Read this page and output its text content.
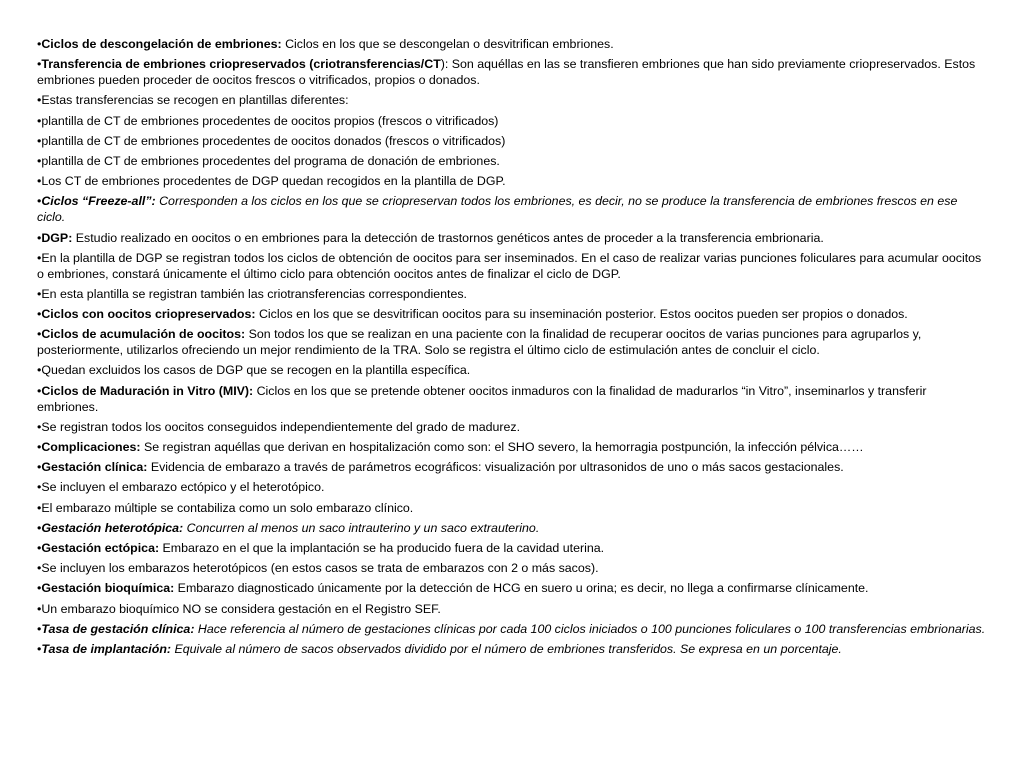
•Ciclos de descongelación de embriones: Ciclos en los que se descongelan o desvitrifican embriones.
•Transferencia de embriones criopreservados (criotransferencias/CT): Son aquéllas en las se transfieren embriones que han sido previamente criopreservados. Estos embriones pueden proceder de oocitos frescos o vitrificados, propios o donados.
•Estas transferencias se recogen en plantillas diferentes:
•plantilla de CT de embriones procedentes de oocitos propios (frescos o vitrificados)
•plantilla de CT de embriones procedentes de oocitos donados (frescos o vitrificados)
•plantilla de CT de embriones procedentes del programa de donación de embriones.
•Los CT de embriones procedentes de DGP quedan recogidos en la plantilla de DGP.
•Ciclos “Freeze-all”: Corresponden a los ciclos en los que se criopreservan todos los embriones, es decir, no se produce la transferencia de embriones frescos en ese ciclo.
•DGP: Estudio realizado en oocitos o en embriones para la detección de trastornos genéticos antes de proceder a la transferencia embrionaria.
•En la plantilla de DGP se registran todos los ciclos de obtención de oocitos para ser inseminados. En el caso de realizar varias punciones foliculares para acumular oocitos o embriones, constará únicamente el último ciclo para obtención oocitos antes de finalizar el ciclo de DGP.
•En esta plantilla se registran también las criotransferencias correspondientes.
•Ciclos con oocitos criopreservados: Ciclos en los que se desvitrifican oocitos para su inseminación posterior. Estos oocitos pueden ser propios o donados.
•Ciclos de acumulación de oocitos: Son todos los que se realizan en una paciente con la finalidad de recuperar oocitos de varias punciones para agruparlos y, posteriormente, utilizarlos ofreciendo un mejor rendimiento de la TRA. Solo se registra el último ciclo de estimulación antes de concluir el ciclo.
•Quedan excluidos los casos de DGP que se recogen en la plantilla específica.
•Ciclos de Maduración in Vitro (MIV): Ciclos en los que se pretende obtener oocitos inmaduros con la finalidad de madurarlos “in Vitro”, inseminarlos y transferir embriones.
•Se registran todos los oocitos conseguidos independientemente del grado de madurez.
•Complicaciones: Se registran aquéllas que derivan en hospitalización como son: el SHO severo, la hemorragia postpunción, la infección pélvica……
•Gestación clínica: Evidencia de embarazo a través de parámetros ecográficos: visualización por ultrasonidos de uno o más sacos gestacionales.
•Se incluyen el embarazo ectópico y el heterotópico.
•El embarazo múltiple se contabiliza como un solo embarazo clínico.
•Gestación heterotópica: Concurren al menos un saco intrauterino y un saco extrauterino.
•Gestación ectópica: Embarazo en el que la implantación se ha producido fuera de la cavidad uterina.
•Se incluyen los embarazos heterotópicos (en estos casos se trata de embarazos con 2 o más sacos).
•Gestación bioquímica: Embarazo diagnosticado únicamente por la detección de HCG en suero u orina; es decir, no llega a confirmarse clínicamente.
•Un embarazo bioquímico NO se considera gestación en el Registro SEF.
•Tasa de gestación clínica: Hace referencia al número de gestaciones clínicas por cada 100 ciclos iniciados o 100 punciones foliculares o 100 transferencias embrionarias.
•Tasa de implantación: Equivale al número de sacos observados dividido por el número de embriones transferidos. Se expresa en un porcentaje.
